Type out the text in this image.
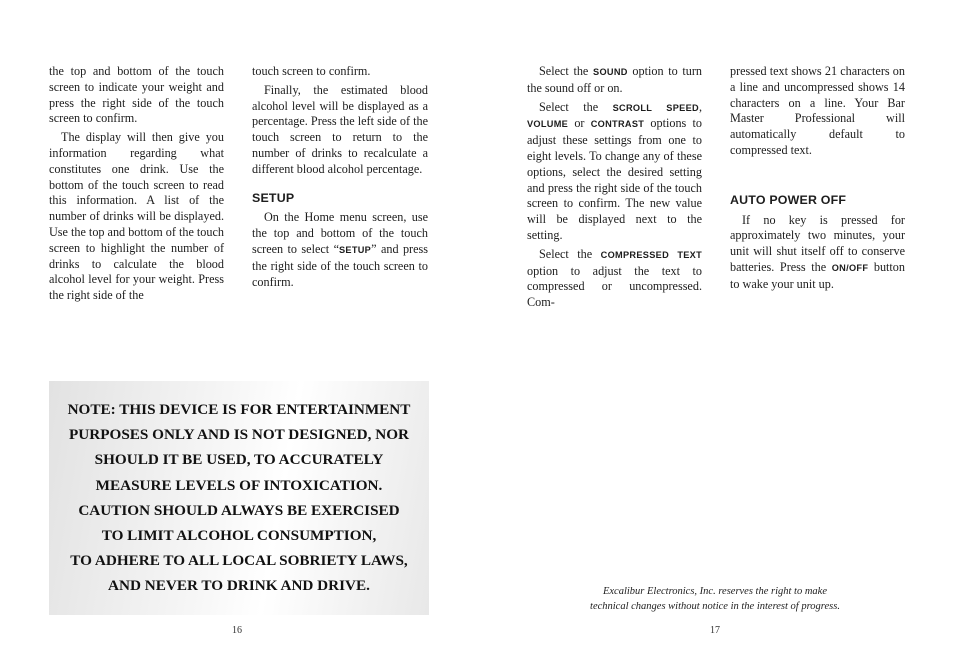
the top and bottom of the touch screen to indicate your weight and press the right side of the touch screen to confirm.

The display will then give you information regarding what constitutes one drink. Use the bottom of the touch screen to read this information. A list of the number of drinks will be displayed. Use the top and bottom of the touch screen to highlight the number of drinks to calculate the blood alcohol level for your weight. Press the right side of the

touch screen to confirm.

Finally, the estimated blood alcohol level will be displayed as a percentage. Press the left side of the touch screen to return to the number of drinks to recalculate a different blood alcohol percentage.

SETUP

On the Home menu screen, use the top and bottom of the touch screen to select “SETUP” and press the right side of the touch screen to confirm.

NOTE: THIS DEVICE IS FOR ENTERTAINMENT
PURPOSES ONLY AND IS NOT DESIGNED, NOR
SHOULD IT BE USED, TO ACCURATELY
MEASURE LEVELS OF INTOXICATION.
CAUTION SHOULD ALWAYS BE EXERCISED
TO LIMIT ALCOHOL CONSUMPTION,
TO ADHERE TO ALL LOCAL SOBRIETY LAWS,
AND NEVER TO DRINK AND DRIVE.
16

Select the SOUND option to turn the sound off or on.

Select the SCROLL SPEED, VOLUME or CONTRAST options to adjust these settings from one to eight levels. To change any of these options, select the desired setting and press the right side of the touch screen to confirm. The new value will be displayed next to the setting.

Select the COMPRESSED TEXT option to adjust the text to compressed or uncompressed. Com-

pressed text shows 21 characters on a line and uncompressed shows 14 characters on a line. Your Bar Master Professional will automatically default to compressed text.

AUTO POWER OFF

If no key is pressed for approximately two minutes, your unit will shut itself off to conserve batteries. Press the ON/OFF button to wake your unit up.

Excalibur Electronics, Inc. reserves the right to make
technical changes without notice in the interest of progress.
17
